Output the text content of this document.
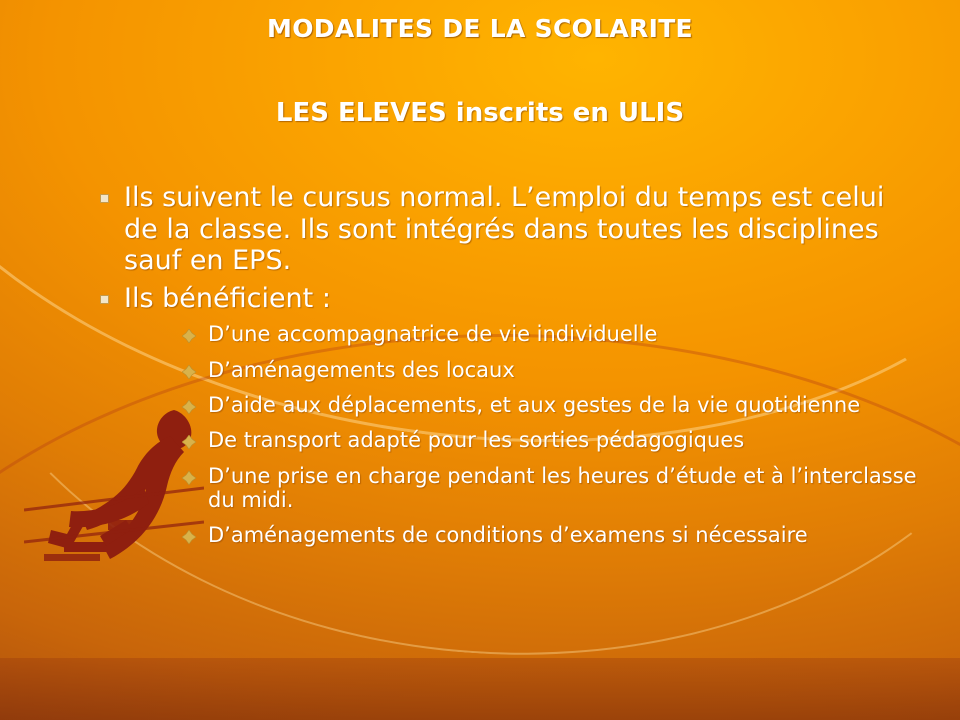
MODALITES DE LA SCOLARITE
LES ELEVES inscrits en ULIS
Ils suivent le cursus normal. L’emploi du temps est celui de la classe. Ils sont intégrés dans toutes les disciplines sauf en EPS.
Ils bénéficient :
D’une accompagnatrice de vie individuelle
D’aménagements des locaux
D’aide aux déplacements, et aux gestes de la vie quotidienne
De transport adapté pour les sorties pédagogiques
D’une prise en charge pendant les heures d’étude et à l’interclasse du midi.
D’aménagements de conditions d’examens si nécessaire
